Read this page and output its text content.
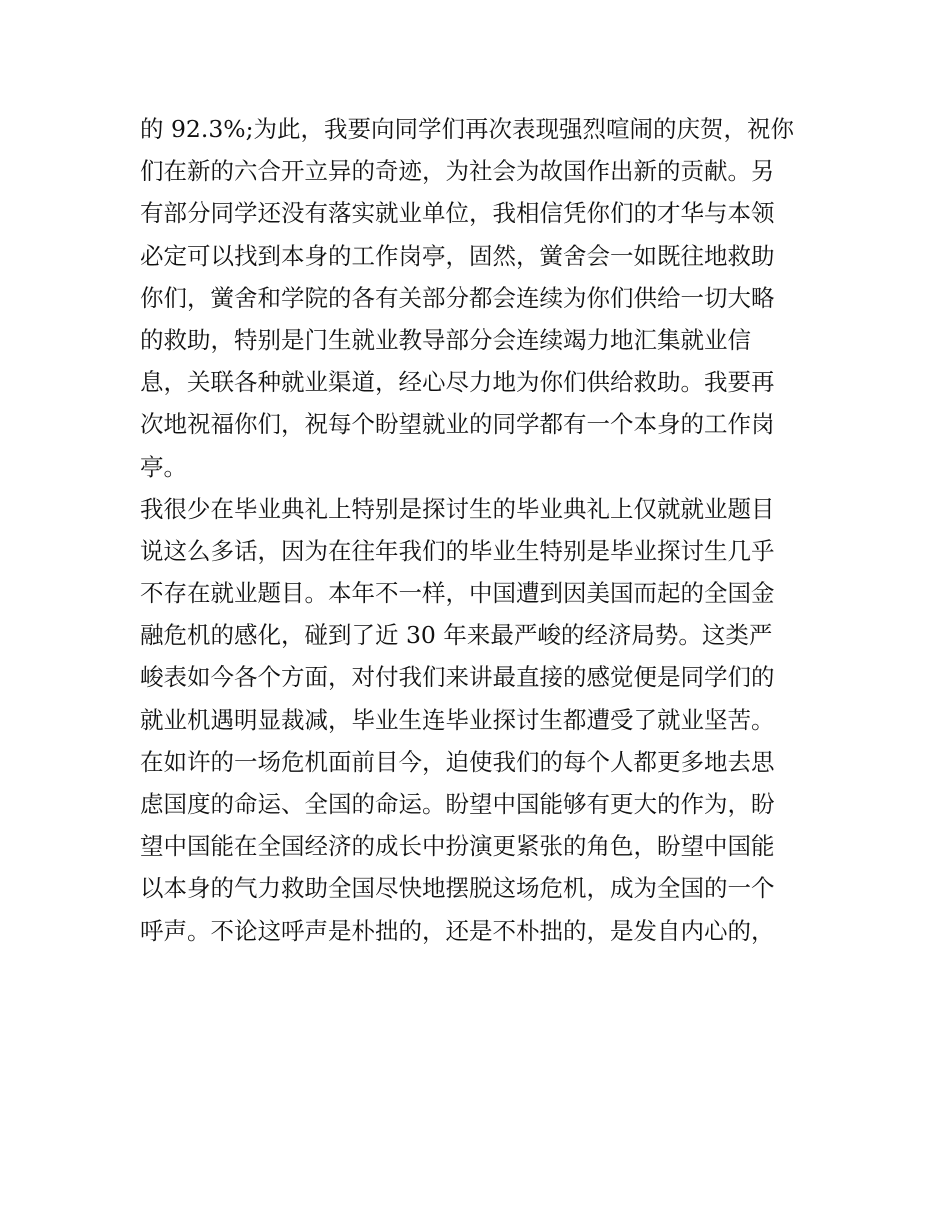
的 92.3%;为此，我要向同学们再次表现强烈喧闹的庆贺，祝你
们在新的六合开立异的奇迹，为社会为故国作出新的贡献。另
有部分同学还没有落实就业单位，我相信凭你们的才华与本领
必定可以找到本身的工作岗亭，固然，黉舍会一如既往地救助
你们，黉舍和学院的各有关部分都会连续为你们供给一切大略
的救助，特别是门生就业教导部分会连续竭力地汇集就业信
息，关联各种就业渠道，经心尽力地为你们供给救助。我要再
次地祝福你们，祝每个盼望就业的同学都有一个本身的工作岗
亭。
我很少在毕业典礼上特别是探讨生的毕业典礼上仅就就业题目
说这么多话，因为在往年我们的毕业生特别是毕业探讨生几乎
不存在就业题目。本年不一样，中国遭到因美国而起的全国金
融危机的感化，碰到了近 30 年来最严峻的经济局势。这类严
峻表如今各个方面，对付我们来讲最直接的感觉便是同学们的
就业机遇明显裁减，毕业生连毕业探讨生都遭受了就业坚苦。
在如许的一场危机面前目今，迫使我们的每个人都更多地去思
虑国度的命运、全国的命运。盼望中国能够有更大的作为，盼
望中国能在全国经济的成长中扮演更紧张的角色，盼望中国能
以本身的气力救助全国尽快地摆脱这场危机，成为全国的一个
呼声。不论这呼声是朴拙的，还是不朴拙的，是发自内心的，
